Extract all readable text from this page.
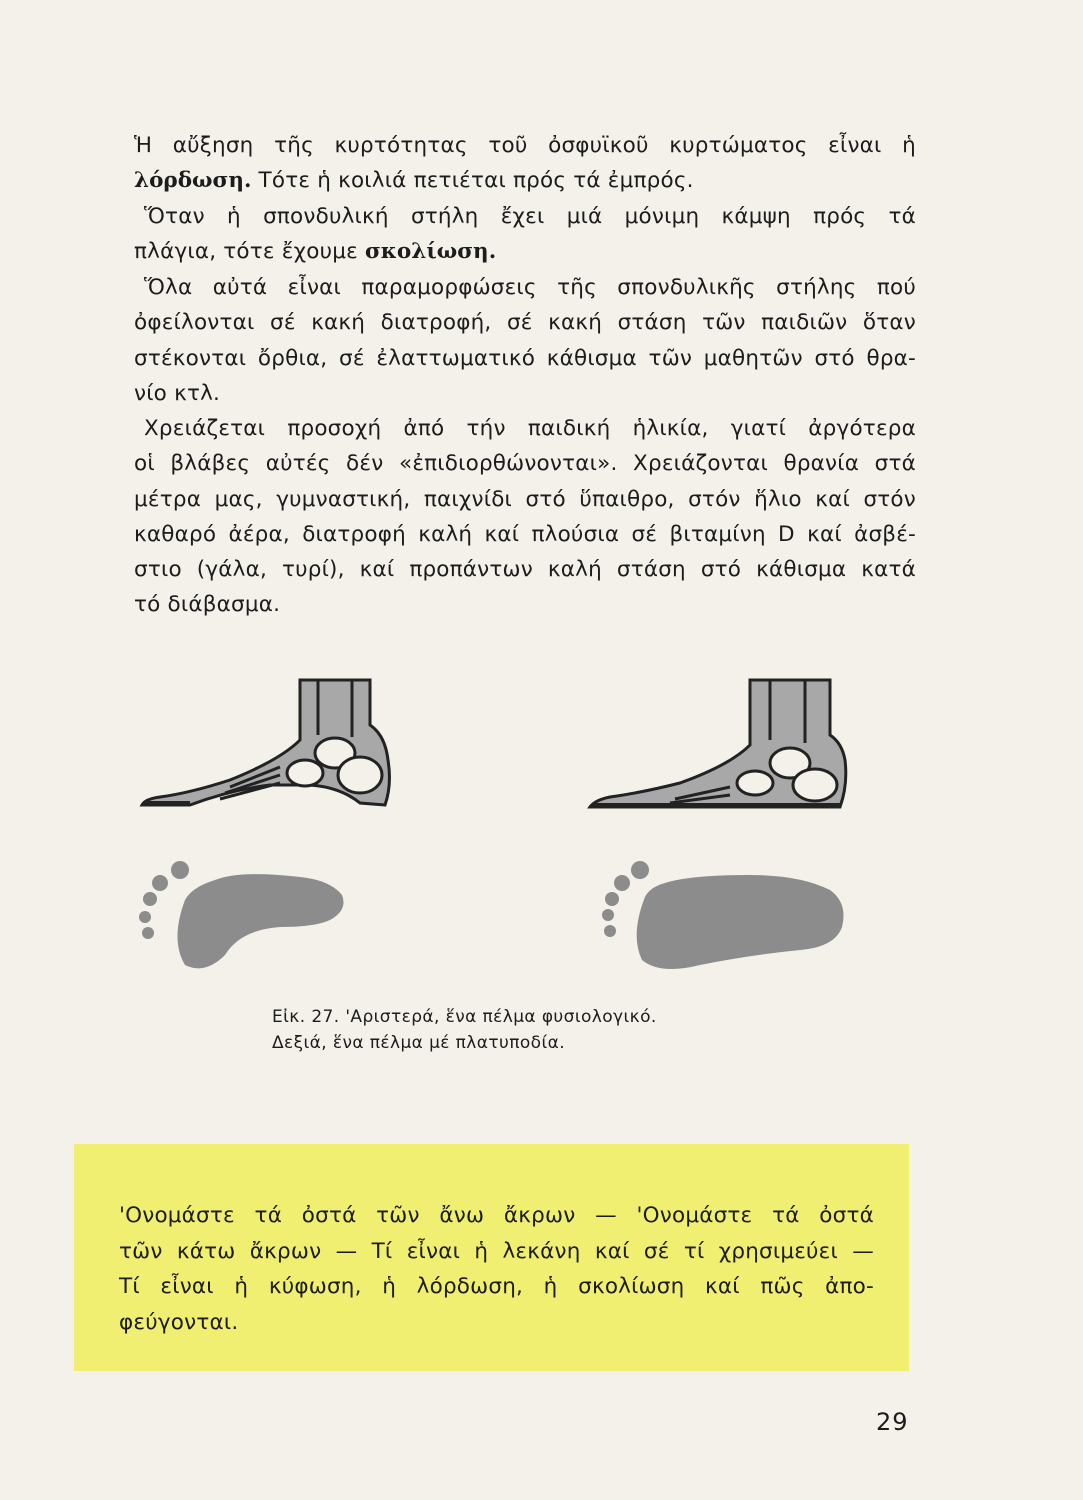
Ἡ αὔξηση τῆς κυρτότητας τοῦ ὀσφυϊκοῦ κυρτώματος εἶναι ἡ
λόρδωση. Τότε ἡ κοιλιά πετιέται πρός τά ἐμπρός.
Ὅταν ἡ σπονδυλική στήλη ἔχει μιά μόνιμη κάμψη πρός τά
πλάγια, τότε ἔχουμε σκολίωση.
Ὅλα αὐτά εἶναι παραμορφώσεις τῆς σπονδυλικῆς στήλης πού
ὀφείλονται σέ κακή διατροφή, σέ κακή στάση τῶν παιδιῶν ὅταν
στέκονται ὄρθια, σέ ἐλαττωματικό κάθισμα τῶν μαθητῶν στό θρα-
νίο κτλ.
Χρειάζεται προσοχή ἀπό τήν παιδική ἡλικία, γιατί ἀργότερα
οἱ βλάβες αὐτές δέν «ἐπιδιορθώνονται». Χρειάζονται θρανία στά
μέτρα μας, γυμναστική, παιχνίδι στό ὕπαιθρο, στόν ἥλιο καί στόν
καθαρό ἀέρα, διατροφή καλή καί πλούσια σέ βιταμίνη D καί ἀσβέ-
στιο (γάλα, τυρί), καί προπάντων καλή στάση στό κάθισμα κατά
τό διάβασμα.
Εἰκ. 27. 'Αριστερά, ἕνα πέλμα φυσιολογικό.
Δεξιά, ἕνα πέλμα μέ πλατυποδία.
'Ονομάστε τά ὀστά τῶν ἄνω ἄκρων — 'Ονομάστε τά ὀστά
τῶν κάτω ἄκρων — Τί εἶναι ἡ λεκάνη καί σέ τί χρησιμεύει —
Τί εἶναι ἡ κύφωση, ἡ λόρδωση, ἡ σκολίωση καί πῶς ἀπο-
φεύγονται.
29
